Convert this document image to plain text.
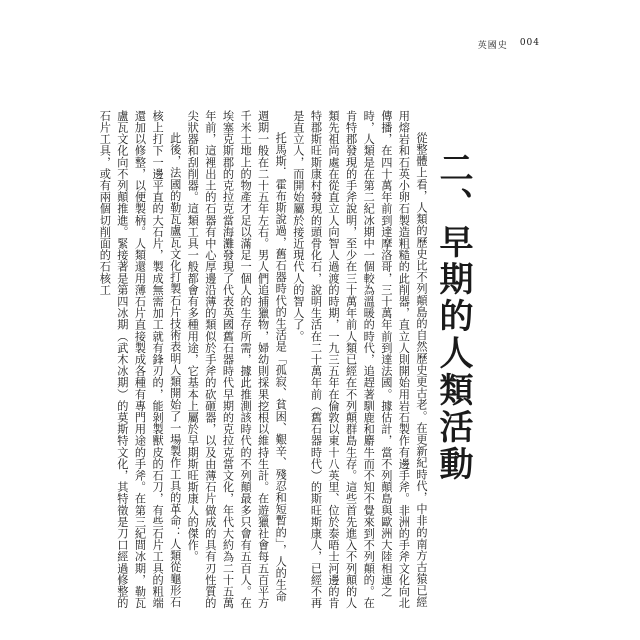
英國史 004
二、早期的人類活動

從整體上看，人類的歷史比不列顛島的自然歷史更古老。在更新紀時代，中非的南方古猿已經用熔岩和石英小卵石製造粗糙的此削器，直立人則開始用岩石製作有邊手斧。非洲的手斧文化向北傳播，在四十萬年前到達摩洛哥，三十萬年前到達法國。據估計，當不列顛島與歐洲大陸相連之時，人類是在第二紀冰期中一個較為溫暖的時代，追趕著馴鹿和麝牛而不知不覺來到不列顛的。在肯特郡發現的手斧說明，至少在三十萬年前人類已經在不列顛群島生存。這些首先進入不列顛的人類先祖尚處在從直立人向智人過渡的時期，一九三五年在倫敦以東十八英里、位於泰晤士河邊的肯特郡斯旺斯康村發現的頭骨化石，說明生活在二十萬年前（舊石器時代）的斯旺斯康人，已經不再是直立人，而開始屬於接近現代人的智人了。

托馬斯．霍布斯說過，舊石器時代的生活是「孤寂、貧困、艱辛、殘忍和短暫的」，人的生命週期一般在二十五年左右。男人們追捕獵物，婦幼則採果挖根以維持生計。在遊獵社會每五百平方千米土地上的物產才足以滿足一個人的生存所需，據此推測該時代的不列顛最多只會有五百人。在埃塞克斯郡的克拉克當海灘發現了代表英國舊石器時代早期的克拉克當文化，年代大約為二十五萬年前，這裡出土的石器有中心厚邊沿薄的類似於手斧的砍砸器，以及由薄石片做成的具有刃性質的尖狀器和刮削器。這類工具一般都會有多種用途，它基本上屬於早期斯旺斯康人的傑作。

此後，法國的勒瓦盧瓦文化打製石片技術表明人類開始了一場製作工具的革命：人類從龜形石核上打下一邊平直的大石片，製成無需加工就有鋒刃的，能剝製獸皮的石刀，有些石片工具的粗端還加以修整，以便製柄。人類還用薄石片直接製成各種有專門用途的手斧。在第三紀間冰期，勒瓦盧瓦文化向不列顛推進。緊接著是第四冰期（武木冰期）的莫斯特文化，其特徵是刀口經過修整的石片工具，或有兩個切削面的石核工
